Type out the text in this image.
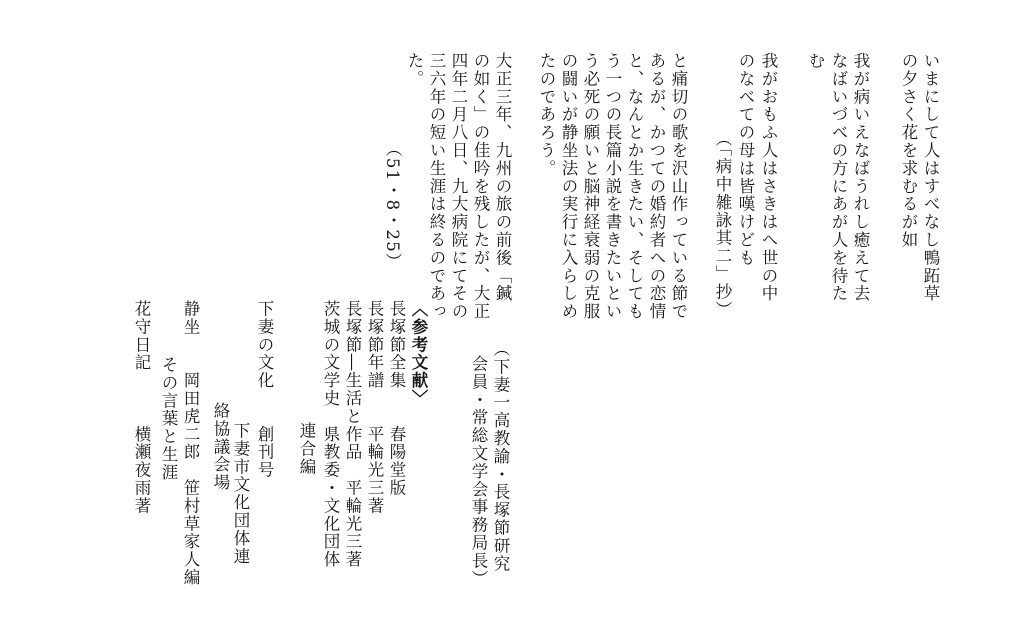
いまにして人はすべなし鴨跖草
の夕さく花を求むるが如
我が病いえなばうれし癒えて去
なばいづべの方にあが人を待た
む
我がおもふ人はさきはへ世の中
のなべての母は皆嘆けども
（「病中雑詠其二」抄）
と痛切の歌を沢山作っている節で
あるが、かつての婚約者への恋情
と、なんとか生きたい、そしても
う一つの長篇小説を書きたいとい
う必死の願いと脳神経衰弱の克服
の闘いが静坐法の実行に入らしめ
たのであろう。
大正三年、九州の旅の前後「鍼
の如く」の佳吟を残したが、大正
四年二月八日、九大病院にてその
三六年の短い生涯は終るのであっ
た。
（51・8・25）
（下妻一高教諭・長塚節研究
会員・常総文学会事務局長）
〈参考文献〉
長塚節全集　　春陽堂版
長塚節年譜　　平輪光三著
長塚節―生活と作品　平輪光三著
茨城の文学史　県教委・文化団体
連合編
下妻の文化　　創刊号
下妻市文化団体連
絡協議会場
静坐　　岡田虎二郎　笹村草家人編
その言葉と生涯
花守日記　　　横瀬夜雨著
